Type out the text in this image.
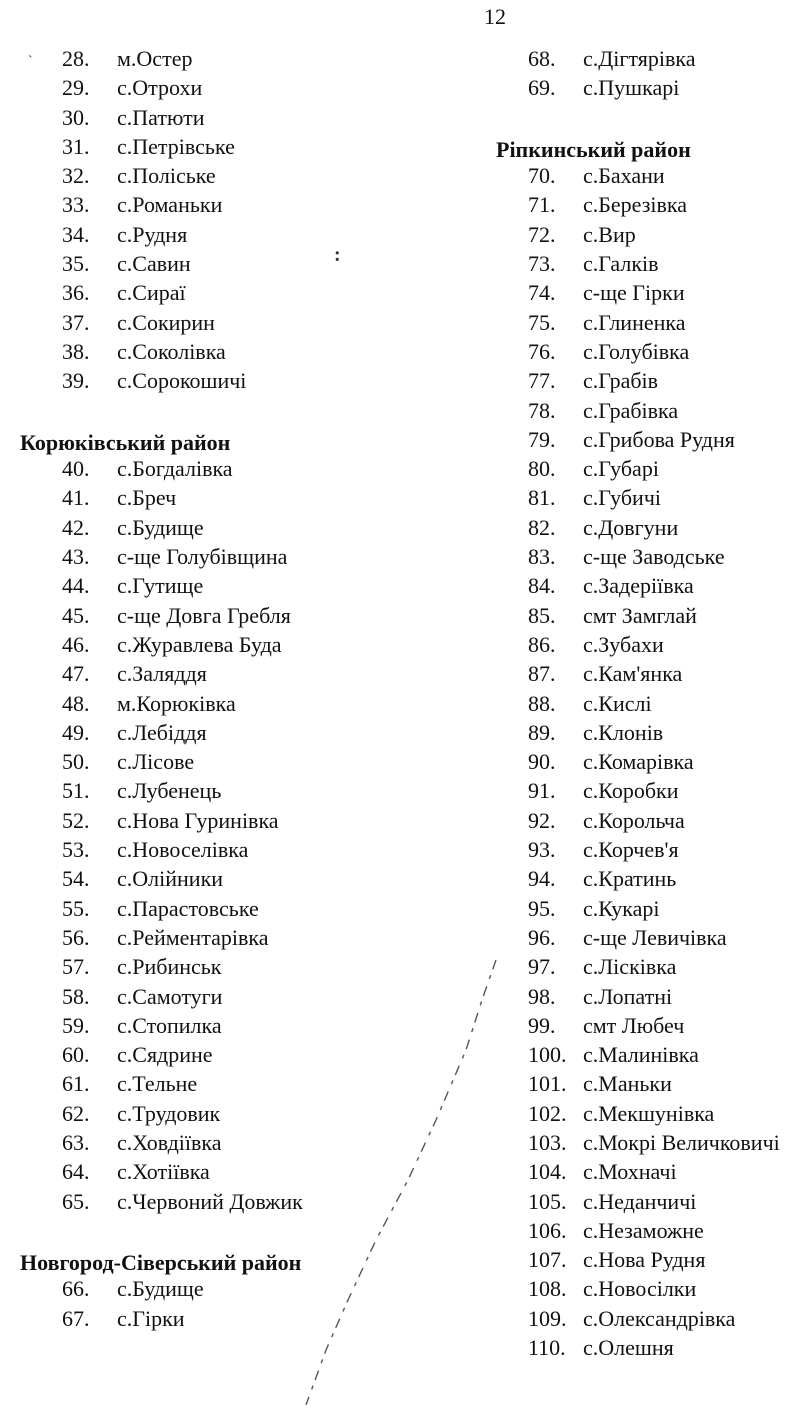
12
28.	м.Остер
29.	с.Отрохи
30.	с.Патюти
31.	с.Петрівське
32.	с.Поліське
33.	с.Романьки
34.	с.Рудня
35.	с.Савин
36.	с.Сираї
37.	с.Сокирин
38.	с.Соколівка
39.	с.Сорокошичі
Корюківський район
40.	с.Богдалівка
41.	с.Бреч
42.	с.Будище
43.	с-ще Голубівщина
44.	с.Гутище
45.	с-ще Довга Гребля
46.	с.Журавлева Буда
47.	с.Заляддя
48.	м.Корюківка
49.	с.Лебіддя
50.	с.Лісове
51.	с.Лубенець
52.	с.Нова Гуринівка
53.	с.Новоселівка
54.	с.Олійники
55.	с.Парастовське
56.	с.Рейментарівка
57.	с.Рибинськ
58.	с.Самотуги
59.	с.Стопилка
60.	с.Сядрине
61.	с.Тельне
62.	с.Трудовик
63.	с.Ховдіївка
64.	с.Хотіївка
65.	с.Червоний Довжик
Новгород-Сіверський район
66.	с.Будище
67.	с.Гірки
68.	с.Дігтярівка
69.	с.Пушкарі
Ріпкинський район
70.	с.Бахани
71.	с.Березівка
72.	с.Вир
73.	с.Галків
74.	с-ще Гірки
75.	с.Глиненка
76.	с.Голубівка
77.	с.Грабів
78.	с.Грабівка
79.	с.Грибова Рудня
80.	с.Губарі
81.	с.Губичі
82.	с.Довгуни
83.	с-ще Заводське
84.	с.Задеріївка
85.	смт Замглай
86.	с.Зубахи
87.	с.Кам'янка
88.	с.Кислі
89.	с.Клонів
90.	с.Комарівка
91.	с.Коробки
92.	с.Корольча
93.	с.Корчев'я
94.	с.Кратинь
95.	с.Кукарі
96.	с-ще Левичівка
97.	с.Лісківка
98.	с.Лопатні
99.	смт Любеч
100. с.Малинівка
101. с.Маньки
102. с.Мекшунівка
103. с.Мокрі Величковичі
104. с.Мохначі
105. с.Неданчичі
106. с.Незаможне
107. с.Нова Рудня
108. с.Новосілки
109. с.Олександрівка
110. с.Олешня
`
:
